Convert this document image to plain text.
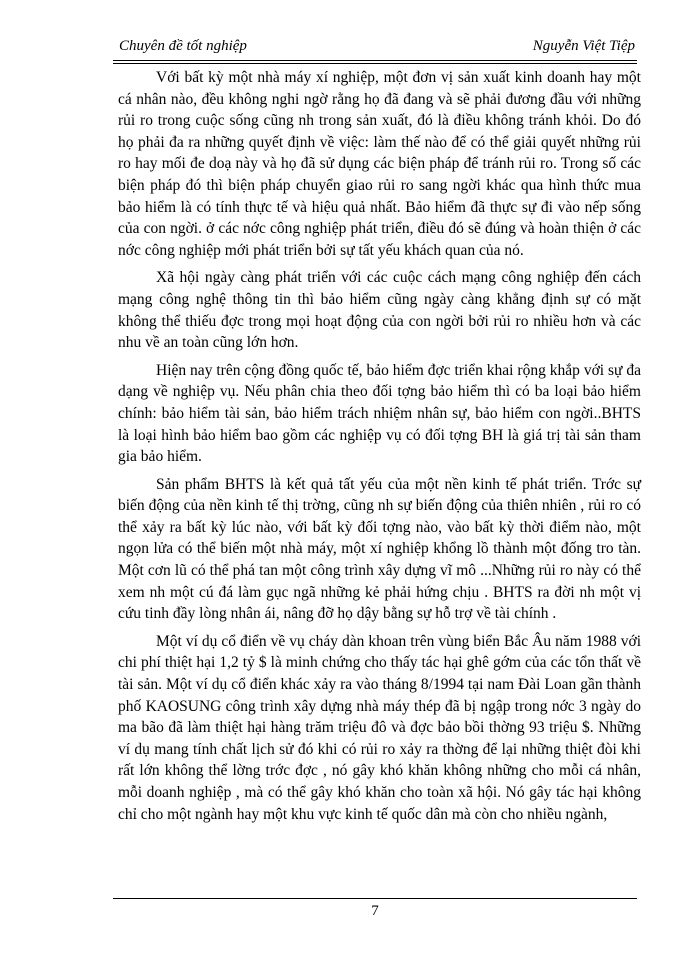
Chuyên đề tốt nghiệp	Nguyễn Việt Tiệp

Với bất kỳ một nhà máy xí nghiệp, một đơn vị sản xuất kinh doanh hay một cá nhân nào, đều không nghi ngờ rằng họ đã đang và sẽ phải đương đầu với những rủi ro trong cuộc sống cũng nh trong sản xuất, đó là điều không tránh khỏi. Do đó họ phải đa ra những quyết định về việc: làm thế nào để có thể giải quyết những rủi ro hay mối đe doạ này và họ đã sử dụng các biện pháp để tránh rủi ro. Trong số các biện pháp đó thì biện pháp chuyển giao rủi ro sang ngời khác qua hình thức mua bảo hiểm là có tính thực tế và hiệu quả nhất. Bảo hiểm đã thực sự đi vào nếp sống của con ngời. ở các nớc công nghiệp phát triển, điều đó sẽ đúng và hoàn thiện ở các nớc công nghiệp mới phát triển bởi sự tất yếu khách quan của nó.

Xã hội ngày càng phát triển với các cuộc cách mạng công nghiệp đến cách mạng công nghệ thông tin thì bảo hiểm cũng ngày càng khẳng định sự có mặt không thể thiếu đợc trong mọi hoạt động của con ngời bởi rủi ro nhiều hơn và các nhu về an toàn cũng lớn hơn.

Hiện nay trên cộng đồng quốc tế, bảo hiểm đợc triển khai rộng khắp với sự đa dạng về nghiệp vụ. Nếu phân chia theo đối tợng bảo hiểm thì có ba loại bảo hiểm chính: bảo hiểm tài sản, bảo hiểm trách nhiệm nhân sự, bảo hiểm con ngời..BHTS là loại hình bảo hiểm bao gồm các nghiệp vụ có đối tợng BH là giá trị tài sản tham gia bảo hiểm.

Sản phẩm BHTS là kết quả tất yếu của một nền kinh tế phát triển. Trớc sự biến động của nền kinh tế thị trờng, cũng nh sự biến động của thiên nhiên , rủi ro có thể xảy ra bất kỳ lúc nào, với bất kỳ đối tợng nào, vào bất kỳ thời điểm nào, một ngọn lửa có thể biến một nhà máy, một xí nghiệp khổng lồ thành một đống tro tàn. Một cơn lũ có thể phá tan một công trình xây dựng vĩ mô ...Những rủi ro này có thể xem nh một cú đá làm gục ngã những kẻ phải hứng chịu . BHTS ra đời nh một vị cứu tinh đầy lòng nhân ái, nâng đỡ họ dậy bằng sự hỗ trợ về tài chính .

Một ví dụ cổ điển về vụ cháy dàn khoan trên vùng biển Bắc Âu năm 1988 với chi phí thiệt hại 1,2 tỷ $ là minh chứng cho thấy tác hại ghê gớm của các tổn thất về tài sản. Một ví dụ cổ điển khác xảy ra vào tháng 8/1994 tại nam Đài Loan gần thành phố KAOSUNG công trình xây dựng nhà máy thép đã bị ngập trong nớc 3 ngày do ma bão đã làm thiệt hại hàng trăm triệu đô và đợc bảo bồi thờng 93 triệu $. Những ví dụ mang tính chất lịch sử đó khi có rủi ro xảy ra thờng để lại những thiệt đòi khi rất lớn không thể lờng trớc đợc , nó gây khó khăn không những cho mỗi cá nhân, mỗi doanh nghiệp , mà có thể gây khó khăn cho toàn xã hội. Nó gây tác hại không chỉ cho một ngành hay một khu vực kinh tế quốc dân mà còn cho nhiều ngành,

7
